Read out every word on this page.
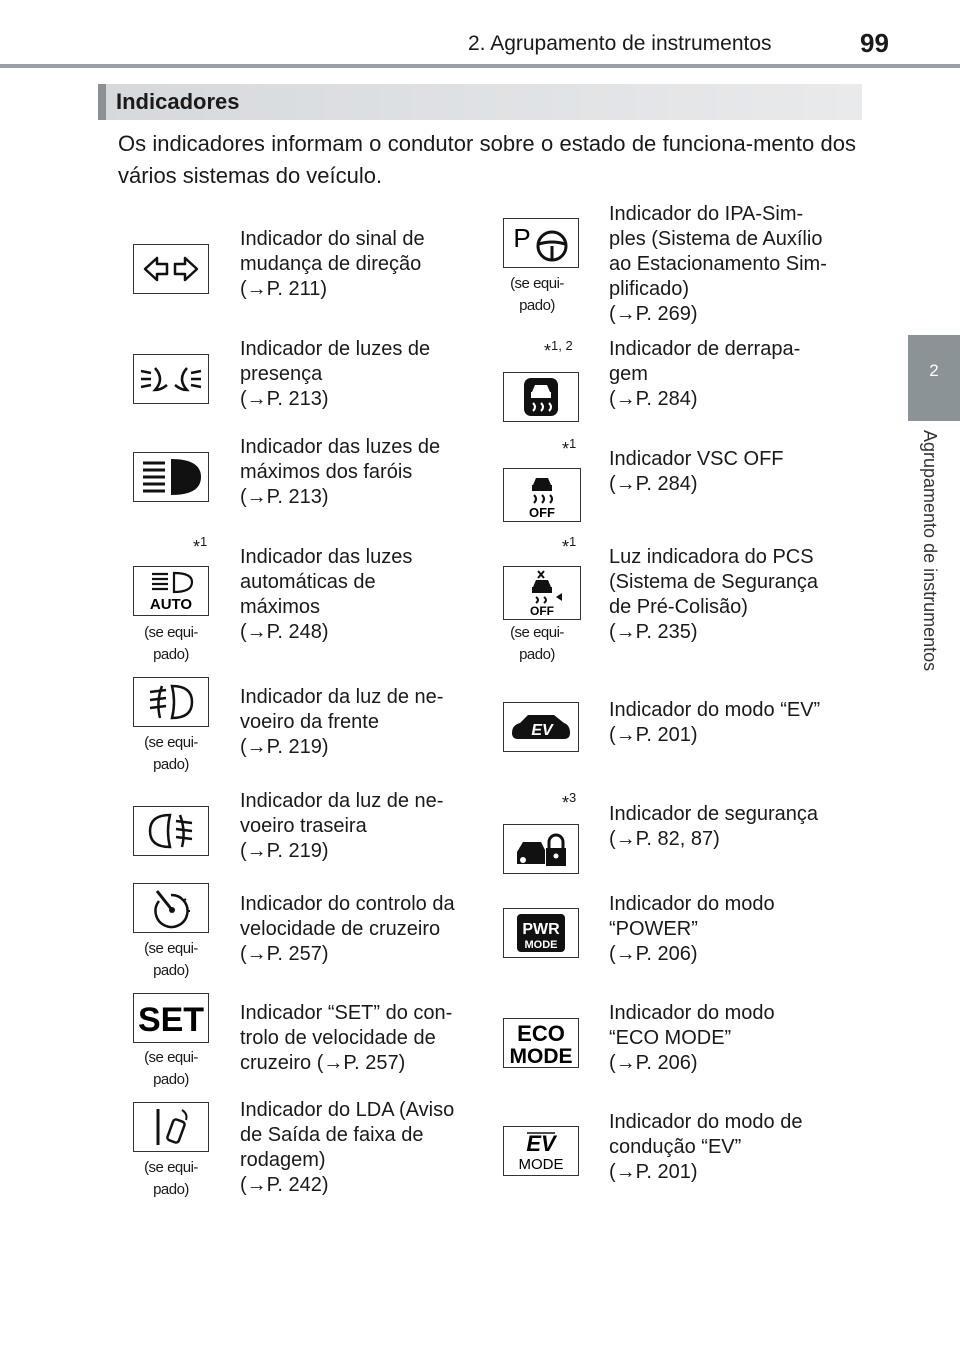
2. Agrupamento de instrumentos	99
2
Agrupamento de instrumentos
Indicadores
Os indicadores informam o condutor sobre o estado de funciona-mento dos vários sistemas do veículo.
Indicador do sinal de
mudança de direção
(→P. 211)
Indicador de luzes de
presença
(→P. 213)
Indicador das luzes de
máximos dos faróis
(→P. 213)
*$^1$
AUTO
(se equi-
pado)
Indicador das luzes
automáticas de
máximos
(→P. 248)
(se equi-
pado)
Indicador da luz de ne-
voeiro da frente
(→P. 219)
Indicador da luz de ne-
voeiro traseira
(→P. 219)
(se equi-
pado)
Indicador do controlo da
velocidade de cruzeiro
(→P. 257)
SET
(se equi-
pado)
Indicador “SET” do con-
trolo de velocidade de
cruzeiro (→P. 257)
(se equi-
pado)
Indicador do LDA (Aviso
de Saída de faixa de
rodagem)
(→P. 242)
P
(se equi-
pado)
Indicador do IPA-Sim-
ples (Sistema de Auxílio
ao Estacionamento Sim-
plificado)
(→P. 269)
*$^{1, 2}$ Indicador de derrapa-
gem
(→P. 284)
*$^1$
OFF
Indicador VSC OFF
(→P. 284)
*$^1$
OFF
(se equi-
pado)
Luz indicadora do PCS
(Sistema de Segurança
de Pré-Colisão)
(→P. 235)
EV
Indicador do modo “EV”
(→P. 201)
*$^3$
Indicador de segurança
(→P. 82, 87)
PWR
MODE
Indicador do modo
“POWER”
(→P. 206)
ECO
MODE
Indicador do modo
“ECO MODE”
(→P. 206)
EV
MODE
Indicador do modo de
condução “EV”
(→P. 201)
